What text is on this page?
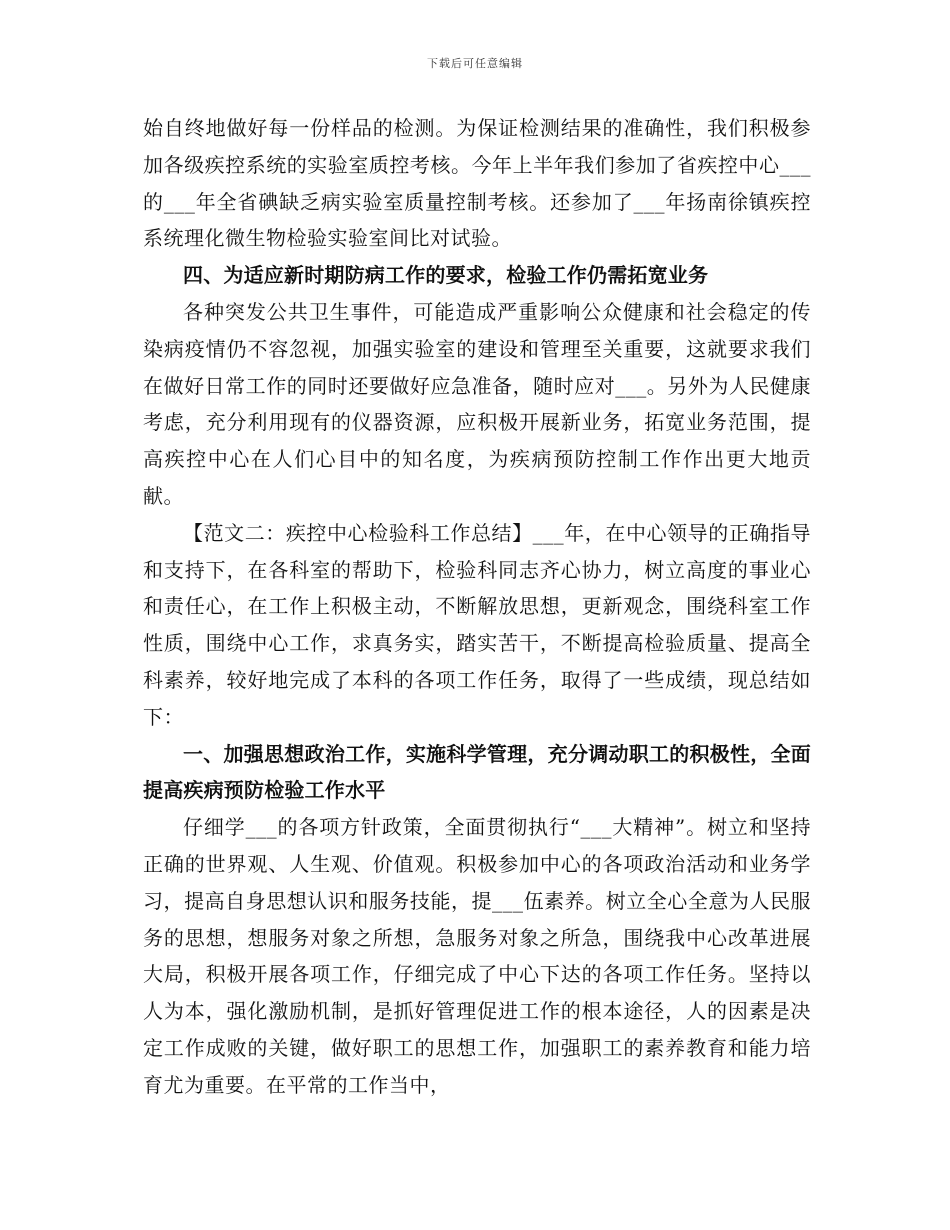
下载后可任意编辑

始自终地做好每一份样品的检测。为保证检测结果的准确性，我们积极参加各级疾控系统的实验室质控考核。今年上半年我们参加了省疾控中心___的___年全省碘缺乏病实验室质量控制考核。还参加了___年扬南徐镇疾控系统理化微生物检验实验室间比对试验。

四、为适应新时期防病工作的要求，检验工作仍需拓宽业务

各种突发公共卫生事件，可能造成严重影响公众健康和社会稳定的传染病疫情仍不容忽视，加强实验室的建设和管理至关重要，这就要求我们在做好日常工作的同时还要做好应急准备，随时应对___。另外为人民健康考虑，充分利用现有的仪器资源，应积极开展新业务，拓宽业务范围，提高疾控中心在人们心目中的知名度，为疾病预防控制工作作出更大地贡献。

【范文二：疾控中心检验科工作总结】___年，在中心领导的正确指导和支持下，在各科室的帮助下，检验科同志齐心协力，树立高度的事业心和责任心，在工作上积极主动，不断解放思想，更新观念，围绕科室工作性质，围绕中心工作，求真务实，踏实苦干，不断提高检验质量、提高全科素养，较好地完成了本科的各项工作任务，取得了一些成绩，现总结如下：

一、加强思想政治工作，实施科学管理，充分调动职工的积极性，全面提高疾病预防检验工作水平

仔细学___的各项方针政策，全面贯彻执行“___大精神”。树立和坚持正确的世界观、人生观、价值观。积极参加中心的各项政治活动和业务学习，提高自身思想认识和服务技能，提___伍素养。树立全心全意为人民服务的思想，想服务对象之所想，急服务对象之所急，围绕我中心改革进展大局，积极开展各项工作，仔细完成了中心下达的各项工作任务。坚持以人为本，强化激励机制，是抓好管理促进工作的根本途径，人的因素是决定工作成败的关键，做好职工的思想工作，加强职工的素养教育和能力培育尤为重要。在平常的工作当中，
